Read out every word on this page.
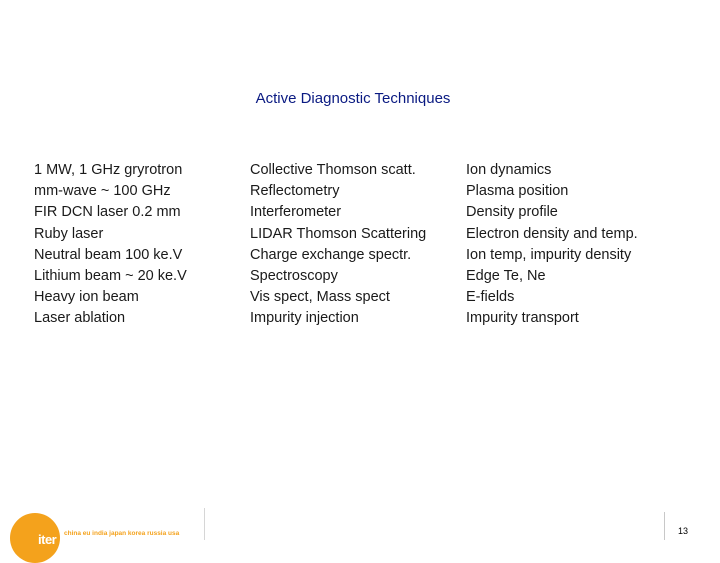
Active Diagnostic Techniques
1 MW, 1 GHz gryrotron
mm-wave ~ 100 GHz
FIR DCN laser 0.2 mm
Ruby laser
Neutral beam 100 ke.V
Lithium beam ~ 20 ke.V
Heavy ion beam
Laser ablation
Collective Thomson scatt.
Reflectometry
Interferometer
LIDAR Thomson Scattering
Charge exchange spectr.
Spectroscopy
Vis spect, Mass spect
Impurity injection
Ion dynamics
Plasma position
Density profile
Electron density and temp.
Ion temp, impurity density
Edge Te, Ne
E-fields
Impurity transport
iter china eu india japan korea russia usa	13
